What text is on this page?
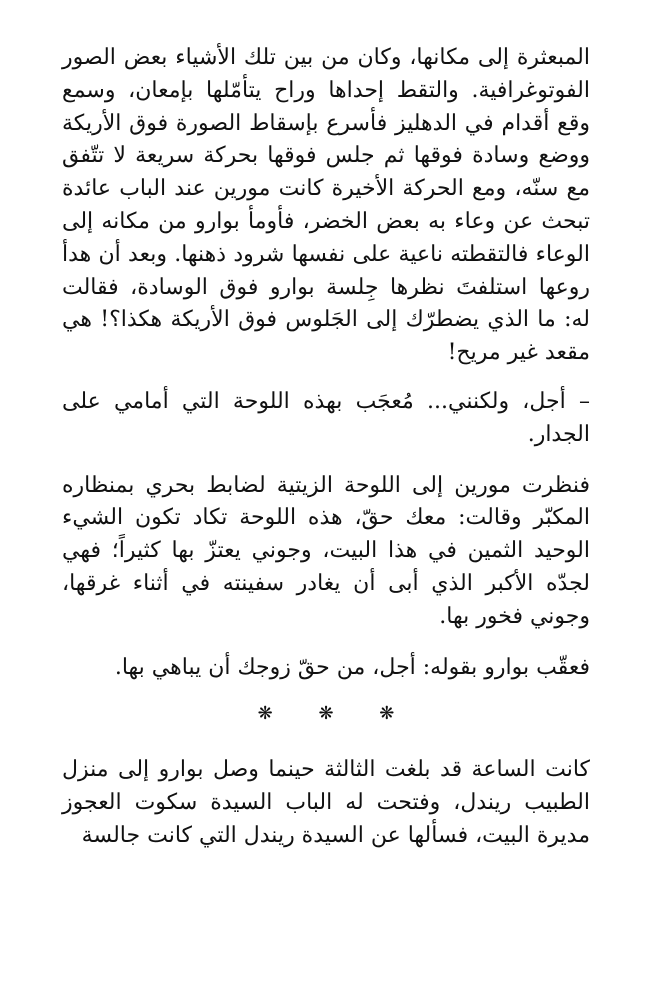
المبعثرة إلى مكانها، وكان من بين تلك الأشياء بعض الصور الفوتوغرافية. والتقط إحداها وراح يتأمّلها بإمعان، وسمع وقع أقدام في الدهليز فأسرع بإسقاط الصورة فوق الأريكة ووضع وسادة فوقها ثم جلس فوقها بحركة سريعة لا تتّفق مع سنّه، ومع الحركة الأخيرة كانت مورين عند الباب عائدة تبحث عن وعاء به بعض الخضر، فأومأ بوارو من مكانه إلى الوعاء فالتقطته ناعية على نفسها شرود ذهنها. وبعد أن هدأ روعها استلفتَ نظرها جِلسة بوارو فوق الوسادة، فقالت له: ما الذي يضطرّك إلى الجَلوس فوق الأريكة هكذا؟! هي مقعد غير مريح!

– أجل، ولكنني... مُعجَب بهذه اللوحة التي أمامي على الجدار.

فنظرت مورين إلى اللوحة الزيتية لضابط بحري بمنظاره المكبّر وقالت: معك حقّ، هذه اللوحة تكاد تكون الشيء الوحيد الثمين في هذا البيت، وجوني يعتزّ بها كثيراً؛ فهي لجدّه الأكبر الذي أبى أن يغادر سفينته في أثناء غرقها، وجوني فخور بها.

فعقّب بوارو بقوله: أجل، من حقّ زوجك أن يباهي بها.

❋ ❋ ❋

كانت الساعة قد بلغت الثالثة حينما وصل بوارو إلى منزل الطبيب ريندل، وفتحت له الباب السيدة سكوت العجوز مديرة البيت، فسألها عن السيدة ريندل التي كانت جالسة
